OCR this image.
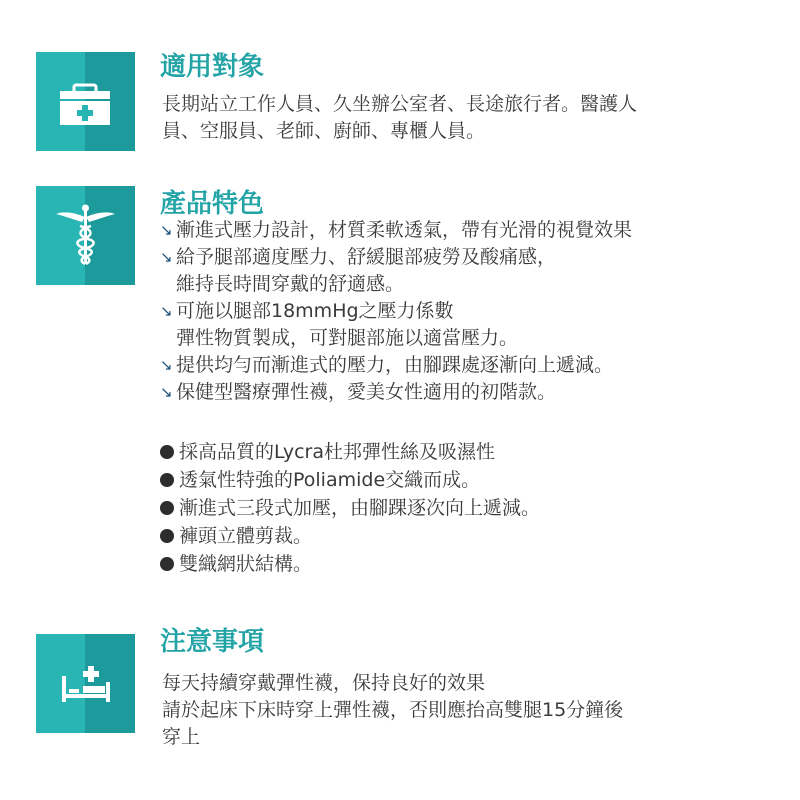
適用對象

長期站立工作人員、久坐辦公室者、長途旅行者。醫護人

員、空服員、老師、廚師、專櫃人員。

產品特色

↘ 漸進式壓力設計，材質柔軟透氣，帶有光滑的視覺效果

↘ 給予腿部適度壓力、舒緩腿部疲勞及酸痛感，

維持長時間穿戴的舒適感。

↘ 可施以腿部18mmHg之壓力係數

彈性物質製成，可對腿部施以適當壓力。

↘ 提供均勻而漸進式的壓力，由腳踝處逐漸向上遞減。

↘ 保健型醫療彈性襪，愛美女性適用的初階款。

採高品質的Lycra杜邦彈性絲及吸濕性

透氣性特強的Poliamide交織而成。

漸進式三段式加壓，由腳踝逐次向上遞減。

褲頭立體剪裁。

雙織網狀結構。

注意事項

每天持續穿戴彈性襪，保持良好的效果

請於起床下床時穿上彈性襪，否則應抬高雙腿15分鐘後

穿上
